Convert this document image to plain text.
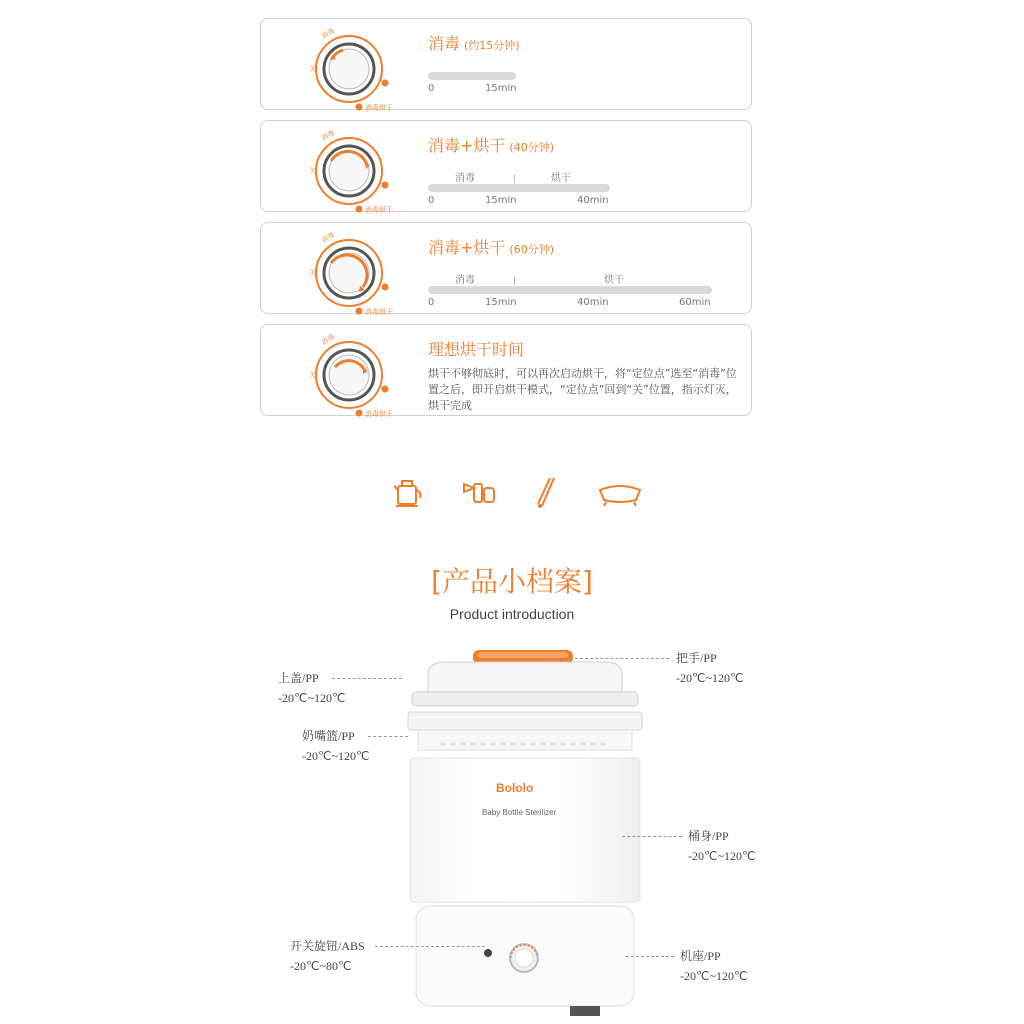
关
消毒
消毒烘干
消毒 (约15分钟)
0	15min
关
消毒
消毒烘干
消毒+烘干 (40分钟)
消毒	烘干
0	15min	40min
关
消毒
消毒烘干
消毒+烘干 (60分钟)
消毒	烘干
0	15min	40min	60min
关
消毒
消毒烘干
理想烘干时间
烘干不够彻底时，可以再次启动烘干，将“定位点”选至“消毒”位置之后，即开启烘干模式，“定位点”回到“关”位置，指示灯灭，烘干完成
[产品小档案]
Product introduction
Bololo
Baby Bottle Sterilizer
上盖/PP
-20℃~120℃
把手/PP
-20℃~120℃
奶嘴篮/PP
-20℃~120℃
桶身/PP
-20℃~120℃
开关旋钮/ABS
-20℃~80℃
机座/PP
-20℃~120℃
